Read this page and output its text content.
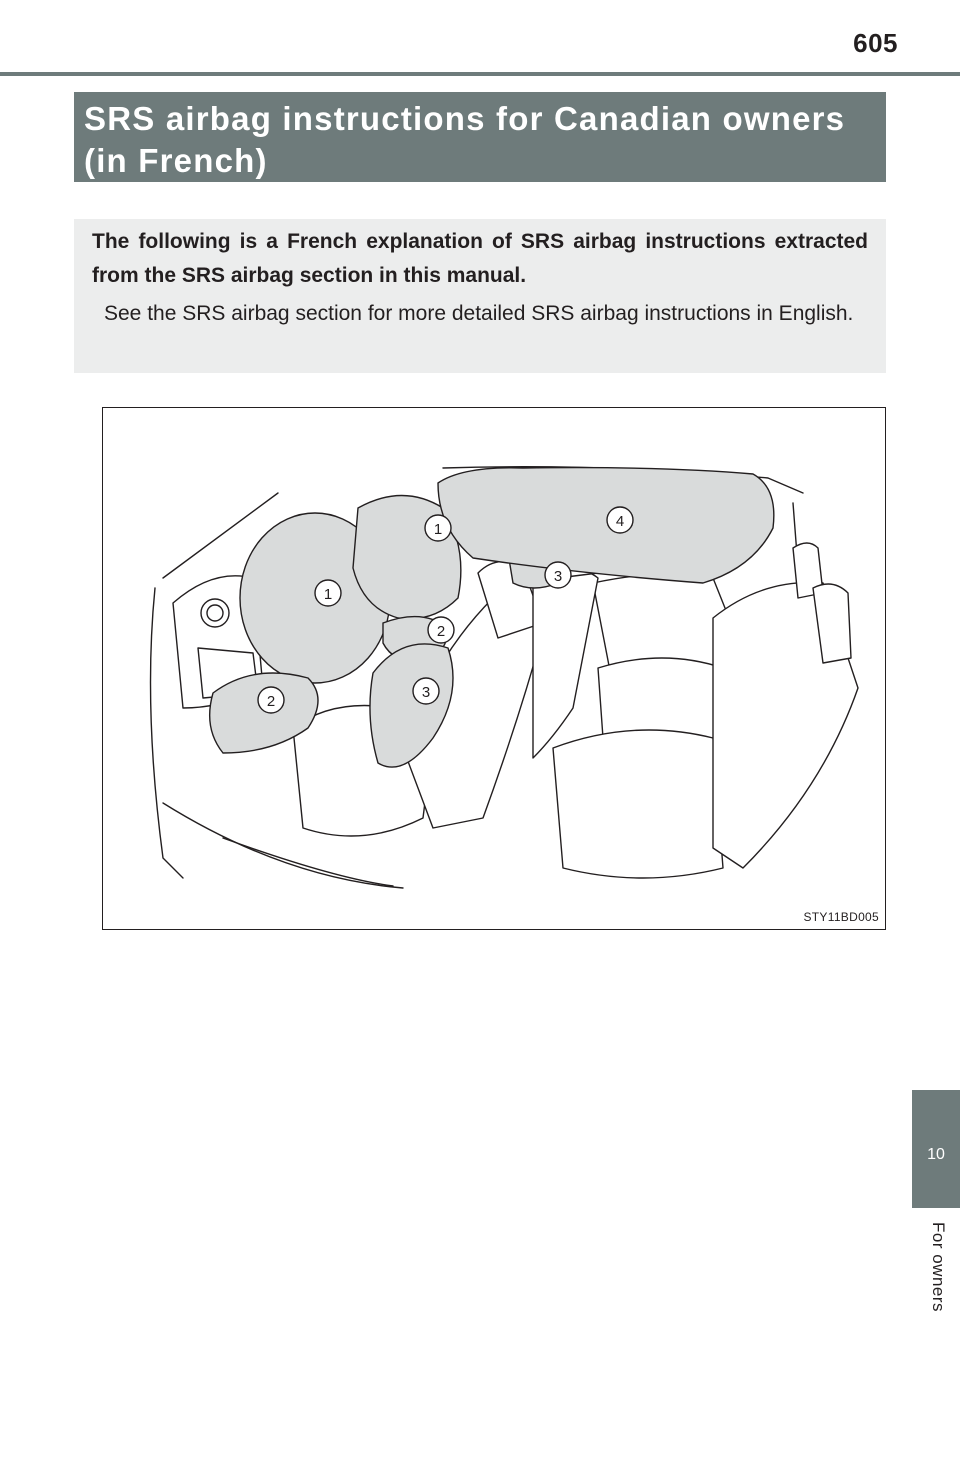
605
SRS airbag instructions for Canadian owners (in French)

The following is a French explanation of SRS airbag instructions extracted from the SRS airbag section in this manual.

See the SRS airbag section for more detailed SRS airbag instructions in English.

1
1
2
2
3
3
4
STY11BD005
10
For owners
